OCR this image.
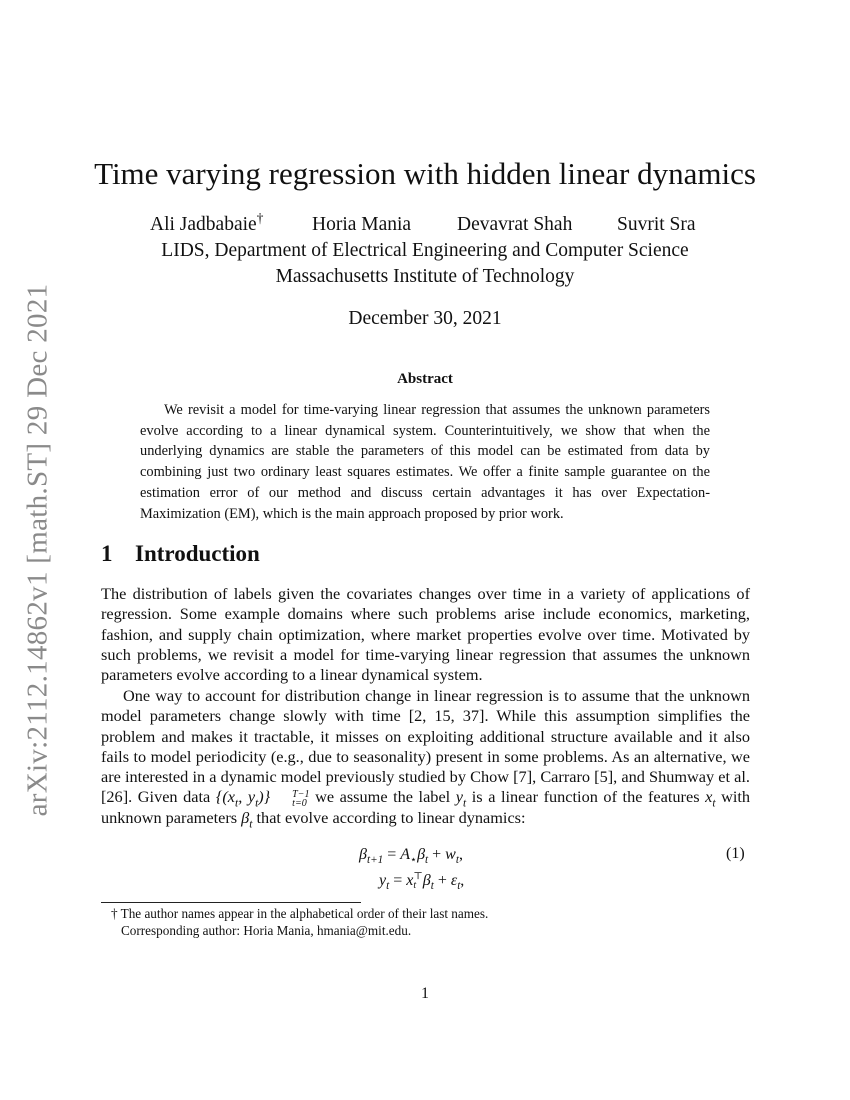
arXiv:2112.14862v1 [math.ST] 29 Dec 2021
Time varying regression with hidden linear dynamics
Ali Jadbabaie† Horia Mania Devavrat Shah Suvrit Sra
LIDS, Department of Electrical Engineering and Computer Science
Massachusetts Institute of Technology
December 30, 2021
Abstract

We revisit a model for time-varying linear regression that assumes the unknown parameters evolve according to a linear dynamical system. Counterintuitively, we show that when the underlying dynamics are stable the parameters of this model can be estimated from data by combining just two ordinary least squares estimates. We offer a finite sample guarantee on the estimation error of our method and discuss certain advantages it has over Expectation-Maximization (EM), which is the main approach proposed by prior work.

1 Introduction

The distribution of labels given the covariates changes over time in a variety of applications of regression. Some example domains where such problems arise include economics, marketing, fashion, and supply chain optimization, where market properties evolve over time. Motivated by such problems, we revisit a model for time-varying linear regression that assumes the unknown parameters evolve according to a linear dynamical system.

One way to account for distribution change in linear regression is to assume that the unknown model parameters change slowly with time [2, 15, 37]. While this assumption simplifies the problem and makes it tractable, it misses on exploiting additional structure available and it also fails to model periodicity (e.g., due to seasonality) present in some problems. As an alternative, we are interested in a dynamic model previously studied by Chow [7], Carraro [5], and Shumway et al. [26]. Given data {($x_t$, $y_t$)}	T−1
t=0 we assume the label $y_t$ is a linear function of the features $x_t$ with unknown parameters $\beta_t$ that evolve according to linear dynamics:

$\beta_{t+1} = A_⋆\beta_t + w_t$,
$y_t = x$ ⊤
t $\beta_t + \varepsilon_t$,
(1)
† The author names appear in the alphabetical order of their last names.
Corresponding author: Horia Mania, hmania@mit.edu.
1
